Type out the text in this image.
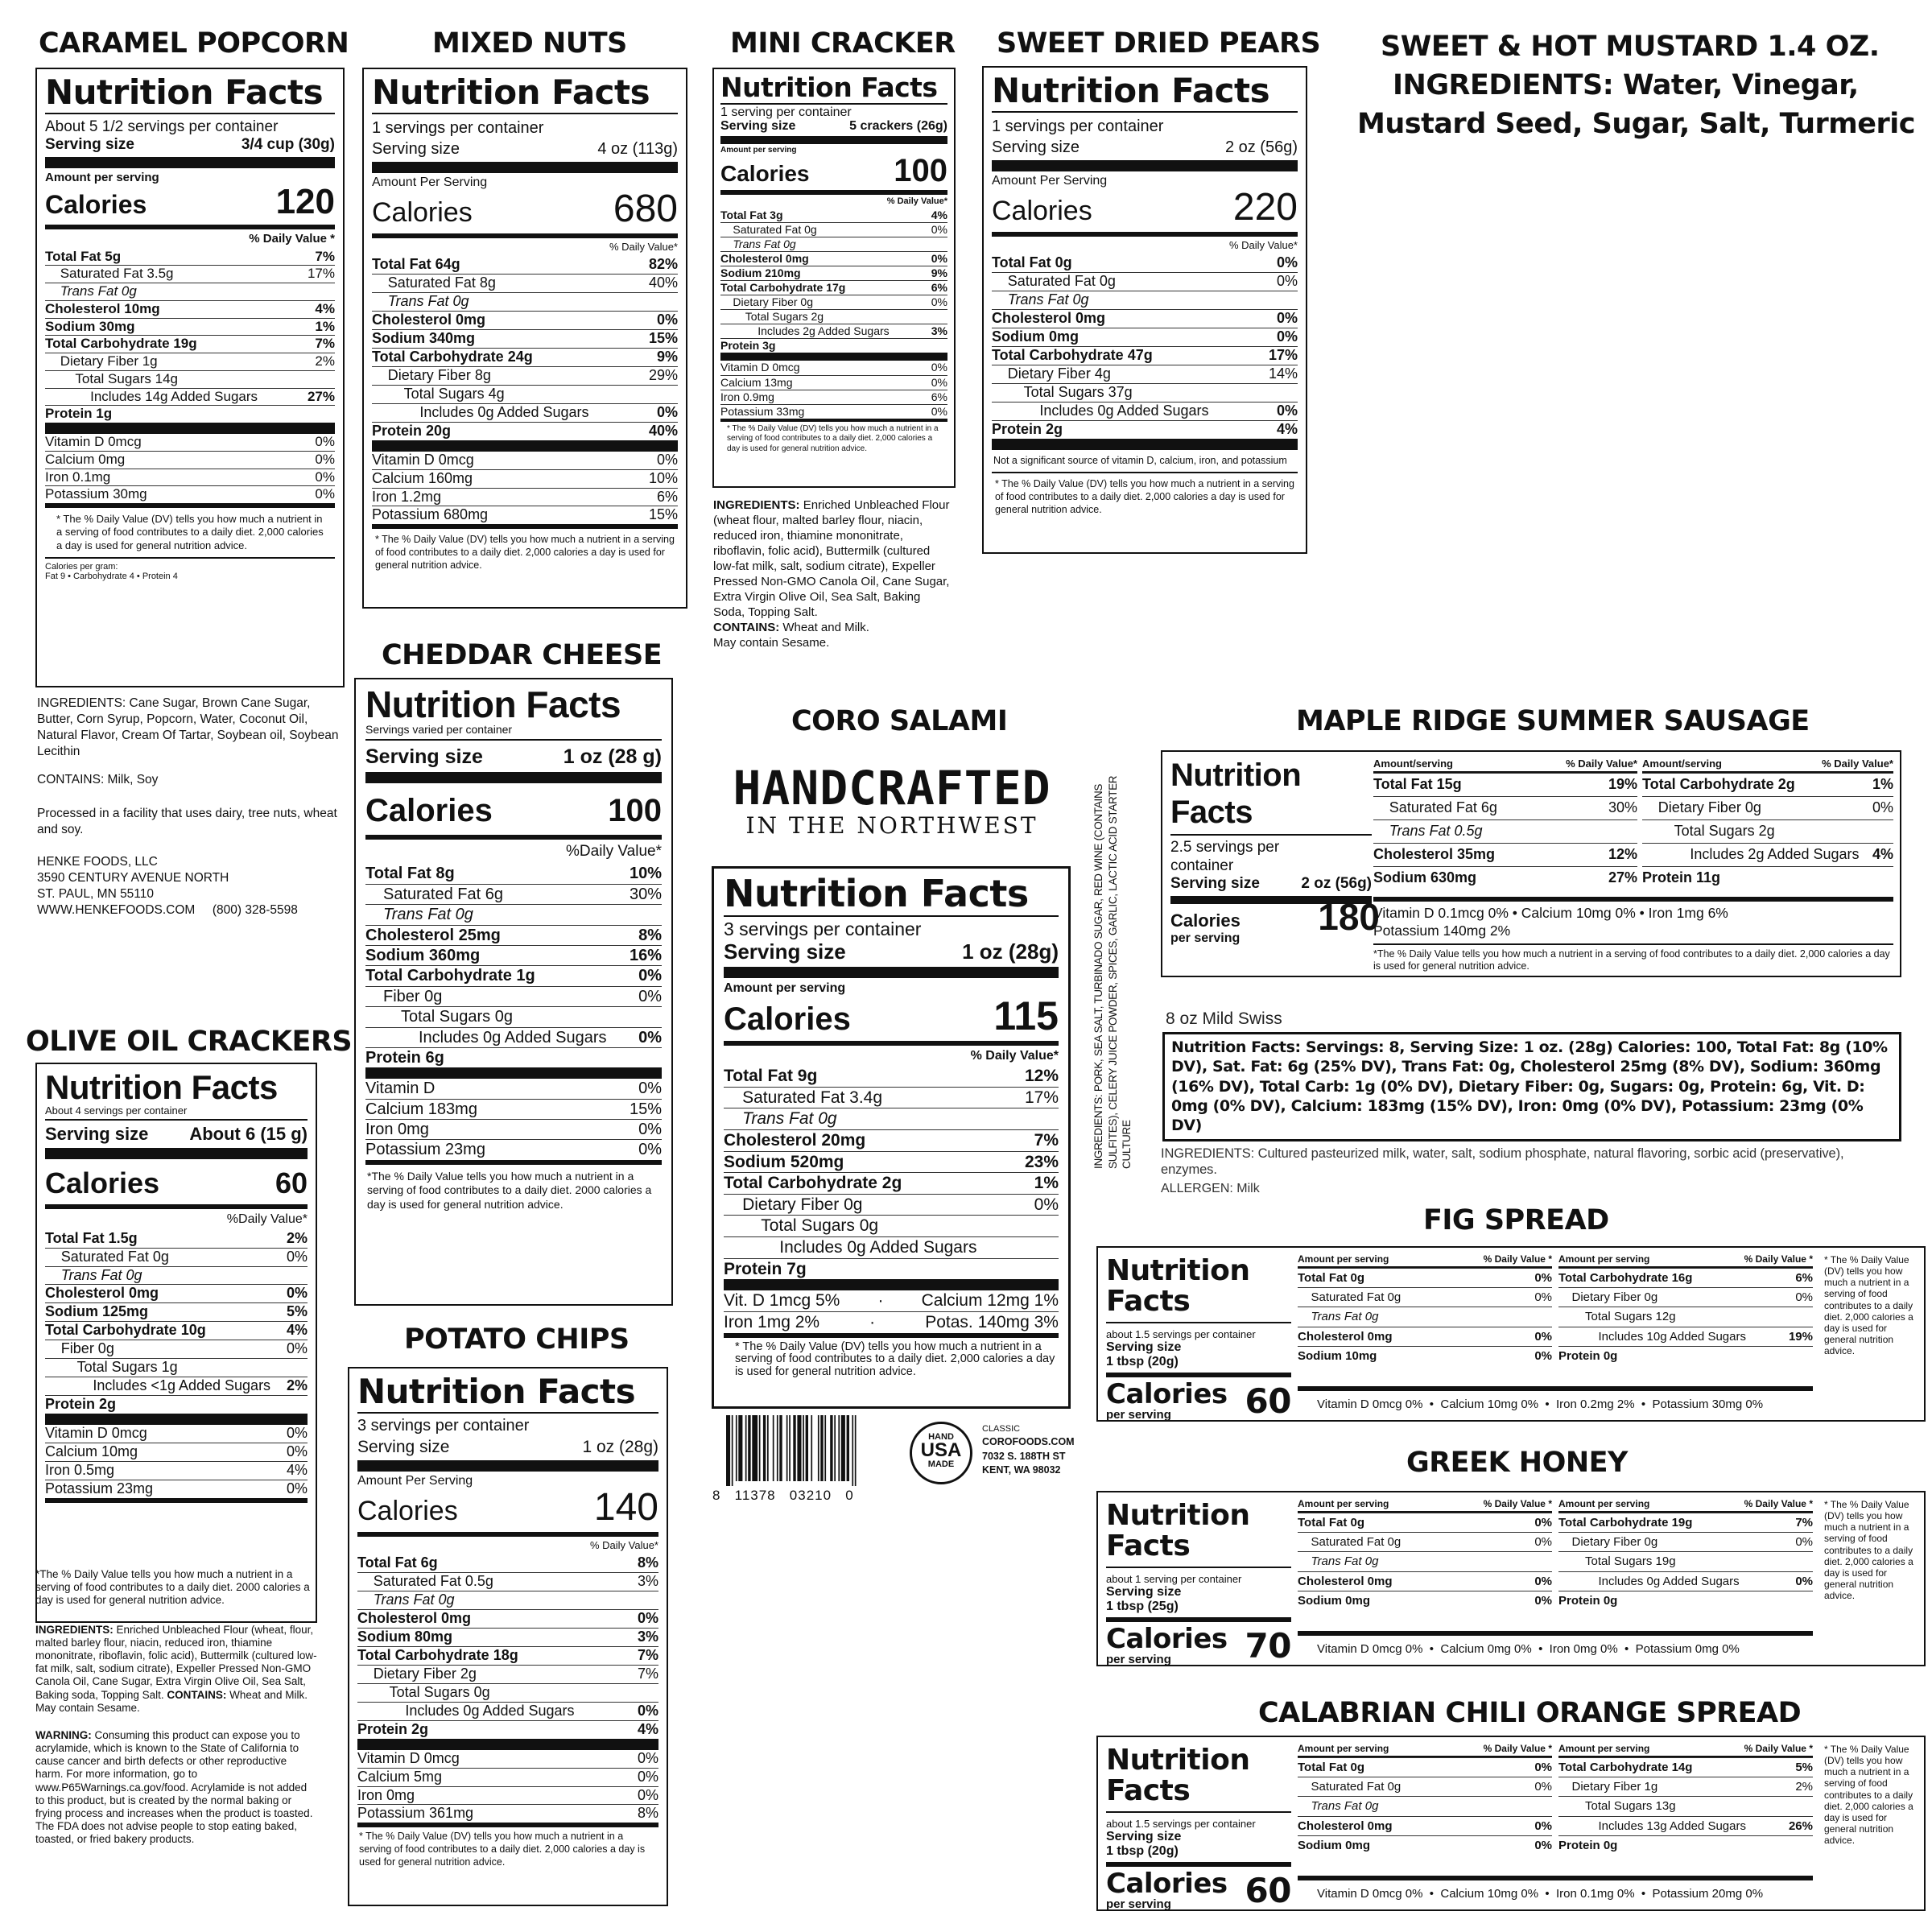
CARAMEL POPCORN	MIXED NUTS	MINI CRACKER SWEET DRIED PEARS SWEET & HOT MUSTARD 1.4 OZ.
INGREDIENTS: Water, Vinegar,
Mustard Seed, Sugar, Salt, Turmeric
CHEDDAR CHEESE
CORO SALAMI	MAPLE RIDGE SUMMER SAUSAGE
OLIVE OIL CRACKERS
POTATO CHIPS
FIG SPREAD
GREEK HONEY
CALABRIAN CHILI ORANGE SPREAD
Nutrition Facts
About 5 1/2 servings per container
Serving size	3/4 cup (30g)
Amount per serving
Calories	120
% Daily Value *
Total Fat 5g	7%
Saturated Fat 3.5g	17%
Trans Fat 0g
Cholesterol 10mg	4%
Sodium 30mg	1%
Total Carbohydrate 19g	7%
Dietary Fiber 1g	2%
Total Sugars 14g
Includes 14g Added Sugars	27%
Protein 1g
Vitamin D 0mcg	0%
Calcium 0mg	0%
Iron 0.1mg	0%
Potassium 30mg	0%
* The % Daily Value (DV) tells you how much a nutrient in a serving of food contributes to a daily diet. 2,000 calories a day is used for general nutrition advice.
Calories per gram:
Fat 9 • Carbohydrate 4 • Protein 4
INGREDIENTS: Cane Sugar, Brown Cane Sugar, Butter, Corn Syrup, Popcorn, Water, Coconut Oil, Natural Flavor, Cream Of Tartar, Soybean oil, Soybean Lecithin
CONTAINS: Milk, Soy
Processed in a facility that uses dairy, tree nuts, wheat and soy.
HENKE FOODS, LLC
3590 CENTURY AVENUE NORTH
ST. PAUL, MN 55110
WWW.HENKEFOODS.COM     (800) 328-5598
Nutrition Facts
1 servings per container
Serving size	4 oz (113g)
Amount Per Serving
Calories	680
% Daily Value*
Total Fat 64g	82%
Saturated Fat 8g	40%
Trans Fat 0g
Cholesterol 0mg	0%
Sodium 340mg	15%
Total Carbohydrate 24g	9%
Dietary Fiber 8g	29%
Total Sugars 4g
Includes 0g Added Sugars	0%
Protein 20g	40%
Vitamin D 0mcg	0%
Calcium 160mg	10%
Iron 1.2mg	6%
Potassium 680mg	15%
* The % Daily Value (DV) tells you how much a nutrient in a serving of food contributes to a daily diet. 2,000 calories a day is used for general nutrition advice.
Nutrition Facts
1 serving per container
Serving size	5 crackers (26g)
Amount per serving
Calories	100
% Daily Value*
Total Fat 3g	4%
Saturated Fat 0g	0%
Trans Fat 0g
Cholesterol 0mg	0%
Sodium 210mg	9%
Total Carbohydrate 17g	6%
Dietary Fiber 0g	0%
Total Sugars 2g
Includes 2g Added Sugars	3%
Protein 3g
Vitamin D 0mcg	0%
Calcium 13mg	0%
Iron 0.9mg	6%
Potassium 33mg	0%
* The % Daily Value (DV) tells you how much a nutrient in a serving of food contributes to a daily diet. 2,000 calories a day is used for general nutrition advice.
INGREDIENTS: Enriched Unbleached Flour (wheat flour, malted barley flour, niacin, reduced iron, thiamine mononitrate, riboflavin, folic acid), Buttermilk (cultured low-fat milk, salt, sodium citrate), Expeller Pressed Non-GMO Canola Oil, Cane Sugar, Extra Virgin Olive Oil, Sea Salt, Baking Soda, Topping Salt.
CONTAINS: Wheat and Milk.
May contain Sesame.
Nutrition Facts
1 servings per container
Serving size	2 oz (56g)
Amount Per Serving
Calories	220
% Daily Value*
Total Fat 0g	0%
Saturated Fat 0g	0%
Trans Fat 0g
Cholesterol 0mg	0%
Sodium 0mg	0%
Total Carbohydrate 47g	17%
Dietary Fiber 4g	14%
Total Sugars 37g
Includes 0g Added Sugars	0%
Protein 2g	4%
Not a significant source of vitamin D, calcium, iron, and potassium
* The % Daily Value (DV) tells you how much a nutrient in a serving of food contributes to a daily diet. 2,000 calories a day is used for general nutrition advice.
Nutrition Facts
Servings varied per container
Serving size	1 oz (28 g)
Calories	100
%Daily Value*
Total Fat 8g	10%
Saturated Fat 6g	30%
Trans Fat 0g
Cholesterol 25mg	8%
Sodium 360mg	16%
Total Carbohydrate 1g	0%
Fiber 0g	0%
Total Sugars 0g
Includes 0g Added Sugars 0%
Protein 6g
Vitamin D	0%
Calcium 183mg	15%
Iron 0mg	0%
Potassium 23mg	0%
*The % Daily Value tells you how much a nutrient in a serving of food contributes to a daily diet. 2000 calories a day is used for general nutrition advice.
HANDCRAFTED
IN THE NORTHWEST
Nutrition Facts
3 servings per container
Serving size	1 oz (28g)
Amount per serving
Calories	115
% Daily Value*
Total Fat 9g	12%
Saturated Fat 3.4g	17%
Trans Fat 0g
Cholesterol 20mg	7%
Sodium 520mg	23%
Total Carbohydrate 2g	1%
Dietary Fiber 0g	0%
Total Sugars 0g
Includes 0g Added Sugars
Protein 7g
Vit. D 1mcg 5% · Calcium 12mg 1%
Iron 1mg 2%	·	Potas. 140mg 3%
* The % Daily Value (DV) tells you how much a nutrient in a serving of food contributes to a daily diet. 2,000 calories a day is used for general nutrition advice.
INGREDIENTS: PORK, SEA SALT, TURBINADO SUGAR, RED WINE (CONTAINS SULFITES), CELERY JUICE POWDER, SPICES, GARLIC, LACTIC ACID STARTER CULTURE
8   11378   03210   0
HAND
USA
MADE
CLASSIC
COROFOODS.COM
7032 S. 188TH ST
KENT, WA 98032
Nutrition
Facts
2.5 servings per container
Serving size	2 oz (56g)
Calories
per serving
180
Amount/serving	% Daily Value*
Total Fat 15g	19%
Saturated Fat 6g	30%
Trans Fat 0.5g
Cholesterol 35mg	12%
Sodium 630mg	27%
Amount/serving	% Daily Value*
Total Carbohydrate 2g	1%
Dietary Fiber 0g	0%
Total Sugars 2g
Includes 2g Added Sugars 4%
Protein 11g
Vitamin D 0.1mcg 0% • Calcium 10mg 0% • Iron 1mg 6%
Potassium 140mg 2%
*The % Daily Value tells you how much a nutrient in a serving of food contributes to a daily diet. 2,000 calories a day is used for general nutrition advice.
8 oz Mild Swiss
Nutrition Facts: Servings: 8, Serving Size: 1 oz. (28g) Calories: 100, Total Fat: 8g (10% DV), Sat. Fat: 6g (25% DV), Trans Fat: 0g, Cholesterol 25mg (8% DV), Sodium: 360mg (16% DV), Total Carb: 1g (0% DV), Dietary Fiber: 0g, Sugars: 0g, Protein: 6g, Vit. D: 0mg (0% DV), Calcium: 183mg (15% DV), Iron: 0mg (0% DV), Potassium: 23mg (0% DV)
INGREDIENTS: Cultured pasteurized milk, water, salt, sodium phosphate, natural flavoring, sorbic acid (preservative), enzymes.
ALLERGEN: Milk
Nutrition Facts
About 4 servings per container
Serving size About 6 (15 g)
Calories	60
%Daily Value*
Total Fat 1.5g	2%
Saturated Fat 0g	0%
Trans Fat 0g
Cholesterol 0mg	0%
Sodium 125mg	5%
Total Carbohydrate 10g	4%
Fiber 0g	0%
Total Sugars 1g
Includes <1g Added Sugars 2%
Protein 2g
Vitamin D 0mcg	0%
Calcium 10mg	0%
Iron 0.5mg	4%
Potassium 23mg	0%
*The % Daily Value tells you how much a nutrient in a serving of food contributes to a daily diet. 2000 calories a day is used for general nutrition advice.
INGREDIENTS: Enriched Unbleached Flour (wheat, flour, malted barley flour, niacin, reduced iron, thiamine mononitrate, riboflavin, folic acid), Buttermilk (cultured low-fat milk, salt, sodium citrate), Expeller Pressed Non-GMO Canola Oil, Cane Sugar, Extra Virgin Olive Oil, Sea Salt, Baking soda, Topping Salt. CONTAINS: Wheat and Milk. May contain Sesame.
WARNING: Consuming this product can expose you to acrylamide, which is known to the State of California to cause cancer and birth defects or other reproductive harm. For more information, go to www.P65Warnings.ca.gov/food. Acrylamide is not added to this product, but is created by the normal baking or frying process and increases when the product is toasted. The FDA does not advise people to stop eating baked, toasted, or fried bakery products.
Nutrition Facts
3 servings per container
Serving size	1 oz (28g)
Amount Per Serving
Calories	140
% Daily Value*
Total Fat 6g	8%
Saturated Fat 0.5g	3%
Trans Fat 0g
Cholesterol 0mg	0%
Sodium 80mg	3%
Total Carbohydrate 18g	7%
Dietary Fiber 2g	7%
Total Sugars 0g
Includes 0g Added Sugars	0%
Protein 2g	4%
Vitamin D 0mcg	0%
Calcium 5mg	0%
Iron 0mg	0%
Potassium 361mg	8%
* The % Daily Value (DV) tells you how much a nutrient in a serving of food contributes to a daily diet. 2,000 calories a day is used for general nutrition advice.
Nutrition
Facts
about 1.5 servings per container
Serving size
1 tbsp (20g)
Calories
per serving	60
Amount per serving	% Daily Value *
Total Fat 0g	0%
Saturated Fat 0g	0%
Trans Fat 0g
Cholesterol 0mg	0%
Sodium 10mg	0%
Amount per serving	% Daily Value *
Total Carbohydrate 16g	6%
Dietary Fiber 0g	0%
Total Sugars 12g
Includes 10g Added Sugars	19%
Protein 0g
Vitamin D 0mcg 0%  •  Calcium 10mg 0%  •  Iron 0.2mg 2%  •  Potassium 30mg 0%
* The % Daily Value (DV) tells you how much a nutrient in a serving of food contributes to a daily diet. 2,000 calories a day is used for general nutrition advice.
Nutrition
Facts
about 1 serving per container
Serving size
1 tbsp (25g)
Calories
per serving	70
Amount per serving	% Daily Value *
Total Fat 0g	0%
Saturated Fat 0g	0%
Trans Fat 0g
Cholesterol 0mg	0%
Sodium 0mg	0%
Amount per serving	% Daily Value *
Total Carbohydrate 19g	7%
Dietary Fiber 0g	0%
Total Sugars 19g
Includes 0g Added Sugars	0%
Protein 0g
Vitamin D 0mcg 0%  •  Calcium 0mg 0%  •  Iron 0mg 0%  •  Potassium 0mg 0%
* The % Daily Value (DV) tells you how much a nutrient in a serving of food contributes to a daily diet. 2,000 calories a day is used for general nutrition advice.
Nutrition
Facts
about 1.5 servings per container
Serving size
1 tbsp (20g)
Calories
per serving	60
Amount per serving	% Daily Value *
Total Fat 0g	0%
Saturated Fat 0g	0%
Trans Fat 0g
Cholesterol 0mg	0%
Sodium 0mg	0%
Amount per serving	% Daily Value *
Total Carbohydrate 14g	5%
Dietary Fiber 1g	2%
Total Sugars 13g
Includes 13g Added Sugars	26%
Protein 0g
Vitamin D 0mcg 0%  •  Calcium 10mg 0%  •  Iron 0.1mg 0%  •  Potassium 20mg 0%
* The % Daily Value (DV) tells you how much a nutrient in a serving of food contributes to a daily diet. 2,000 calories a day is used for general nutrition advice.
